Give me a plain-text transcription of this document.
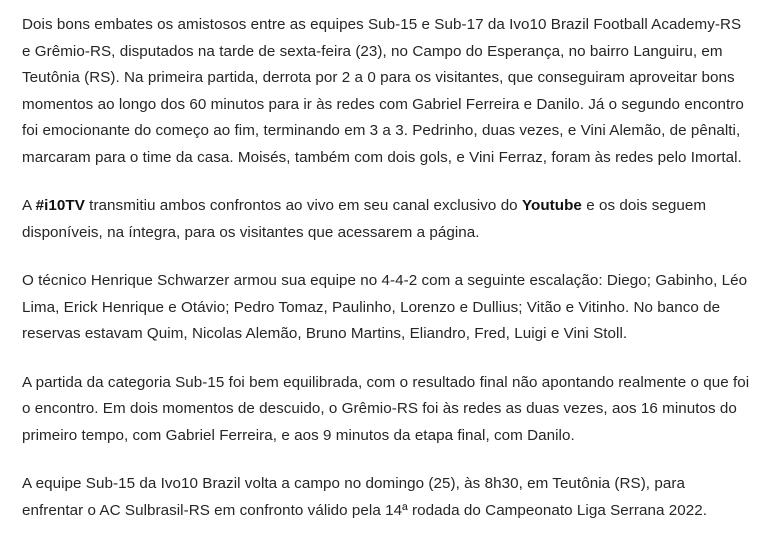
Dois bons embates os amistosos entre as equipes Sub-15 e Sub-17 da Ivo10 Brazil Football Academy-RS e Grêmio-RS, disputados na tarde de sexta-feira (23), no Campo do Esperança, no bairro Languiru, em Teutônia (RS). Na primeira partida, derrota por 2 a 0 para os visitantes, que conseguiram aproveitar bons momentos ao longo dos 60 minutos para ir às redes com Gabriel Ferreira e Danilo. Já o segundo encontro foi emocionante do começo ao fim, terminando em 3 a 3. Pedrinho, duas vezes, e Vini Alemão, de pênalti, marcaram para o time da casa. Moisés, também com dois gols, e Vini Ferraz, foram às redes pelo Imortal.

A #i10TV transmitiu ambos confrontos ao vivo em seu canal exclusivo do Youtube e os dois seguem disponíveis, na íntegra, para os visitantes que acessarem a página.

O técnico Henrique Schwarzer armou sua equipe no 4-4-2 com a seguinte escalação: Diego; Gabinho, Léo Lima, Erick Henrique e Otávio; Pedro Tomaz, Paulinho, Lorenzo e Dullius; Vitão e Vitinho. No banco de reservas estavam Quim, Nicolas Alemão, Bruno Martins, Eliandro, Fred, Luigi e Vini Stoll.

A partida da categoria Sub-15 foi bem equilibrada, com o resultado final não apontando realmente o que foi o encontro. Em dois momentos de descuido, o Grêmio-RS foi às redes as duas vezes, aos 16 minutos do primeiro tempo, com Gabriel Ferreira, e aos 9 minutos da etapa final, com Danilo.

A equipe Sub-15 da Ivo10 Brazil volta a campo no domingo (25), às 8h30, em Teutônia (RS), para enfrentar o AC Sulbrasil-RS em confronto válido pela 14ª rodada do Campeonato Liga Serrana 2022.
